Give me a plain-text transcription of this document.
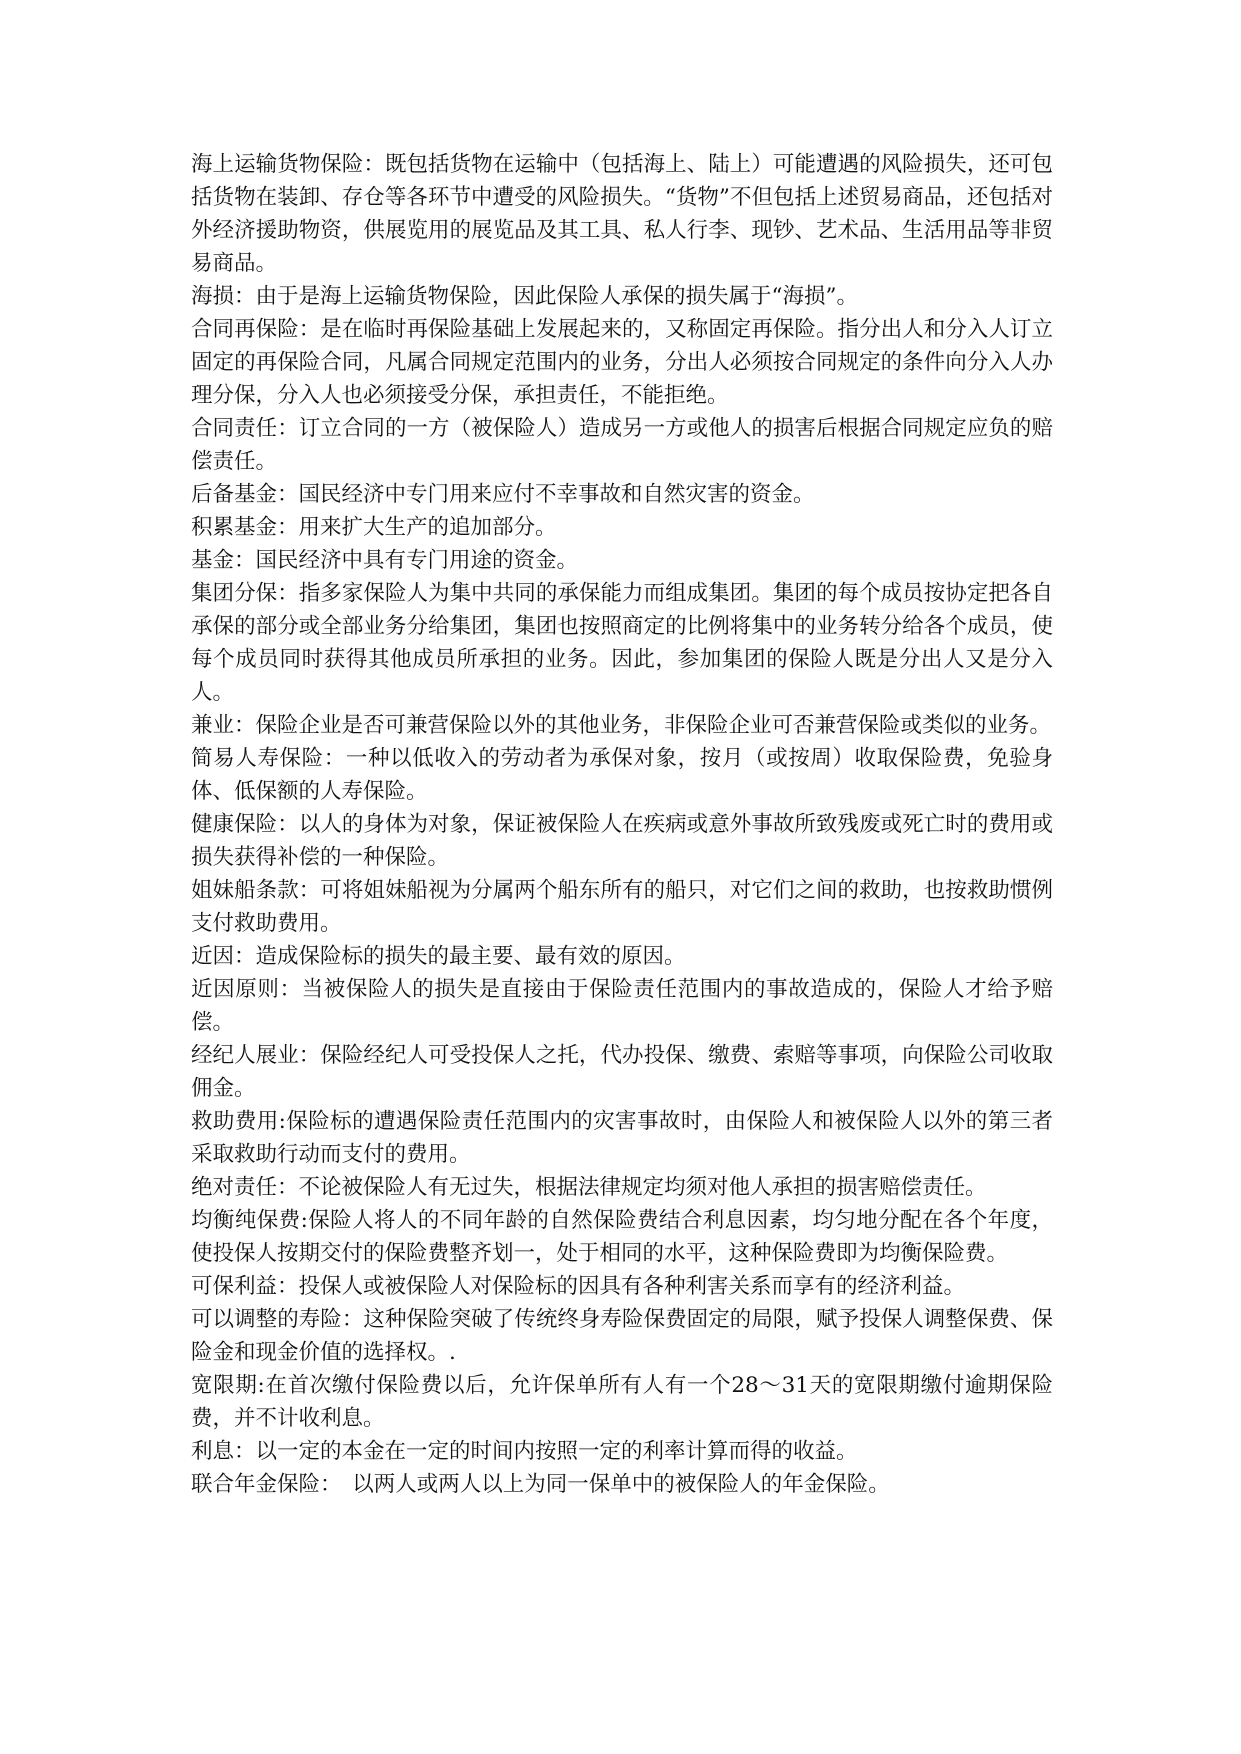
海上运输货物保险：既包括货物在运输中（包括海上、陆上）可能遭遇的风险损失，还可包括货物在装卸、存仓等各环节中遭受的风险损失。“货物”不但包括上述贸易商品，还包括对外经济援助物资，供展览用的展览品及其工具、私人行李、现钞、艺术品、生活用品等非贸易商品。

海损：由于是海上运输货物保险，因此保险人承保的损失属于“海损”。

合同再保险：是在临时再保险基础上发展起来的，又称固定再保险。指分出人和分入人订立固定的再保险合同，凡属合同规定范围内的业务，分出人必须按合同规定的条件向分入人办理分保，分入人也必须接受分保，承担责任，不能拒绝。

合同责任：订立合同的一方（被保险人）造成另一方或他人的损害后根据合同规定应负的赔偿责任。

后备基金：国民经济中专门用来应付不幸事故和自然灾害的资金。

积累基金：用来扩大生产的追加部分。

基金：国民经济中具有专门用途的资金。

集团分保：指多家保险人为集中共同的承保能力而组成集团。集团的每个成员按协定把各自承保的部分或全部业务分给集团，集团也按照商定的比例将集中的业务转分给各个成员，使每个成员同时获得其他成员所承担的业务。因此，参加集团的保险人既是分出人又是分入人。

兼业：保险企业是否可兼营保险以外的其他业务，非保险企业可否兼营保险或类似的业务。

简易人寿保险：一种以低收入的劳动者为承保对象，按月（或按周）收取保险费，免验身体、低保额的人寿保险。

健康保险：以人的身体为对象，保证被保险人在疾病或意外事故所致残废或死亡时的费用或损失获得补偿的一种保险。

姐妹船条款：可将姐妹船视为分属两个船东所有的船只，对它们之间的救助，也按救助惯例支付救助费用。

近因：造成保险标的损失的最主要、最有效的原因。

近因原则：当被保险人的损失是直接由于保险责任范围内的事故造成的，保险人才给予赔偿。

经纪人展业：保险经纪人可受投保人之托，代办投保、缴费、索赔等事项，向保险公司收取佣金。

救助费用:保险标的遭遇保险责任范围内的灾害事故时，由保险人和被保险人以外的第三者采取救助行动而支付的费用。

绝对责任：不论被保险人有无过失，根据法律规定均须对他人承担的损害赔偿责任。

均衡纯保费:保险人将人的不同年龄的自然保险费结合利息因素，均匀地分配在各个年度，使投保人按期交付的保险费整齐划一，处于相同的水平，这种保险费即为均衡保险费。

可保利益：投保人或被保险人对保险标的因具有各种利害关系而享有的经济利益。

可以调整的寿险：这种保险突破了传统终身寿险保费固定的局限，赋予投保人调整保费、保险金和现金价值的选择权。.

宽限期:在首次缴付保险费以后，允许保单所有人有一个28～31天的宽限期缴付逾期保险费，并不计收利息。

利息：以一定的本金在一定的时间内按照一定的利率计算而得的收益。

联合年金保险：　以两人或两人以上为同一保单中的被保险人的年金保险。
